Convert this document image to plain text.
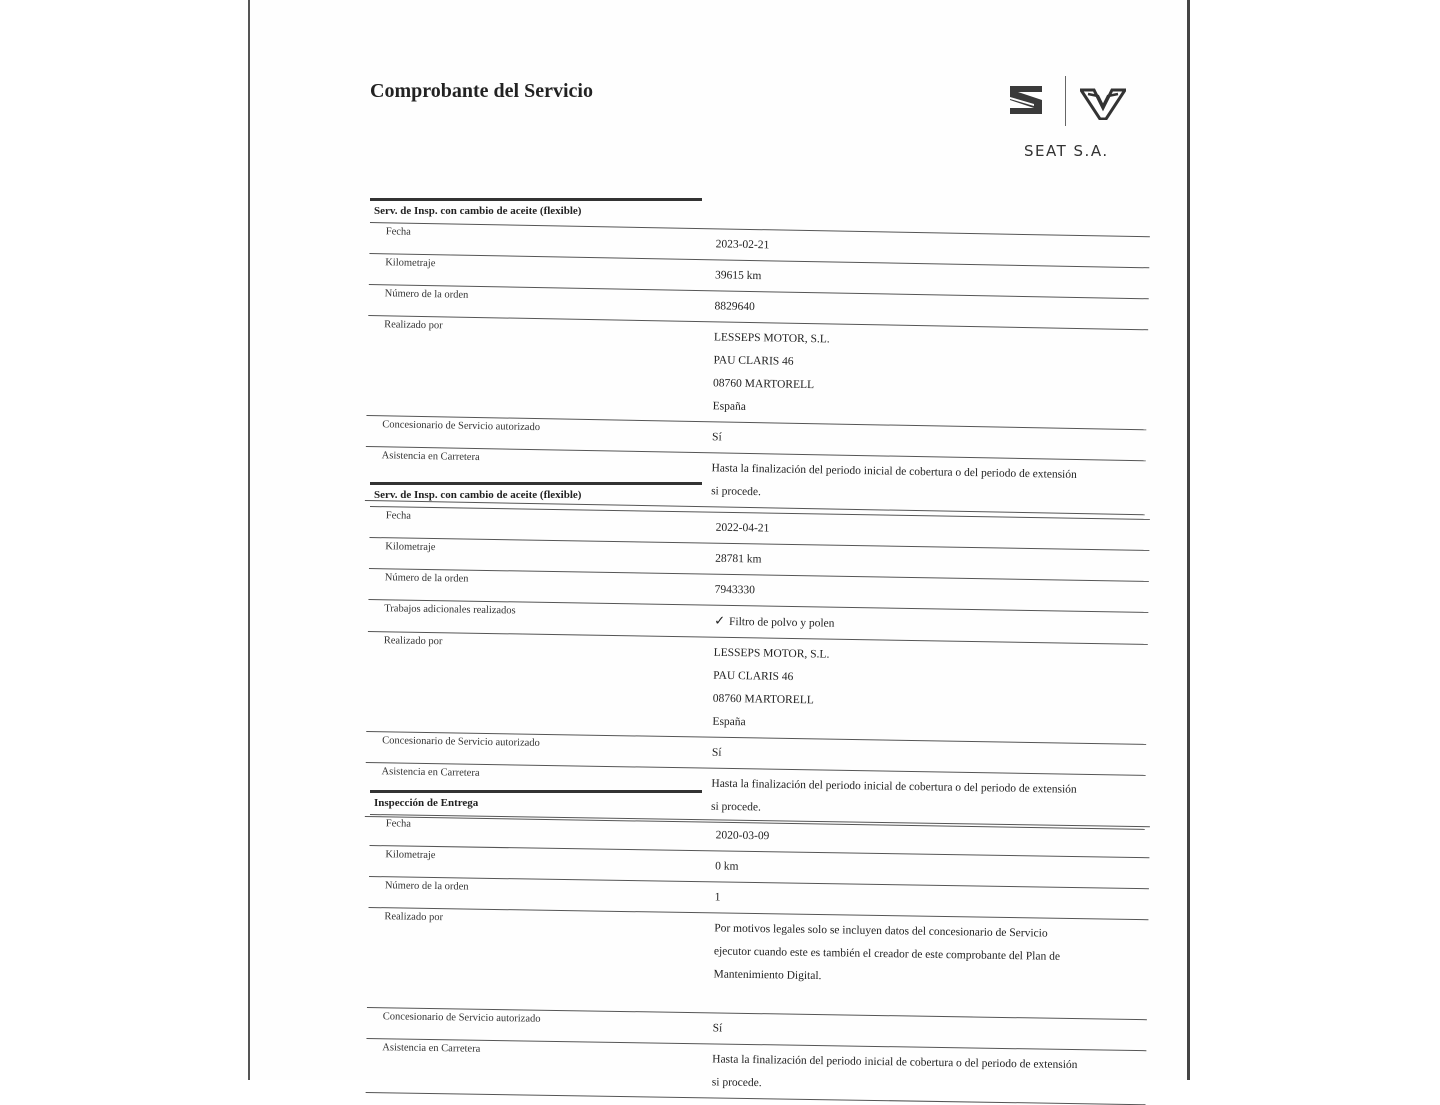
Comprobante del Servicio
SEAT S.A.
Serv. de Insp. con cambio de aceite (flexible)
Fecha
2023-02-21
Kilometraje
39615 km
Número de la orden
8829640
Realizado por
LESSEPS MOTOR, S.L.
PAU CLARIS 46
08760 MARTORELL
España
Concesionario de Servicio autorizado
Sí
Asistencia en Carretera
Hasta la finalización del periodo inicial de cobertura o del periodo de extensión
si procede.
Serv. de Insp. con cambio de aceite (flexible)
Fecha
2022-04-21
Kilometraje
28781 km
Número de la orden
7943330
Trabajos adicionales realizados
✓ Filtro de polvo y polen
Realizado por
LESSEPS MOTOR, S.L.
PAU CLARIS 46
08760 MARTORELL
España
Concesionario de Servicio autorizado
Sí
Asistencia en Carretera
Hasta la finalización del periodo inicial de cobertura o del periodo de extensión
si procede.
Inspección de Entrega
Fecha
2020-03-09
Kilometraje
0 km
Número de la orden
1
Realizado por
Por motivos legales solo se incluyen datos del concesionario de Servicio
ejecutor cuando este es también el creador de este comprobante del Plan de
Mantenimiento Digital.

Concesionario de Servicio autorizado
Sí
Asistencia en Carretera
Hasta la finalización del periodo inicial de cobertura o del periodo de extensión
si procede.
